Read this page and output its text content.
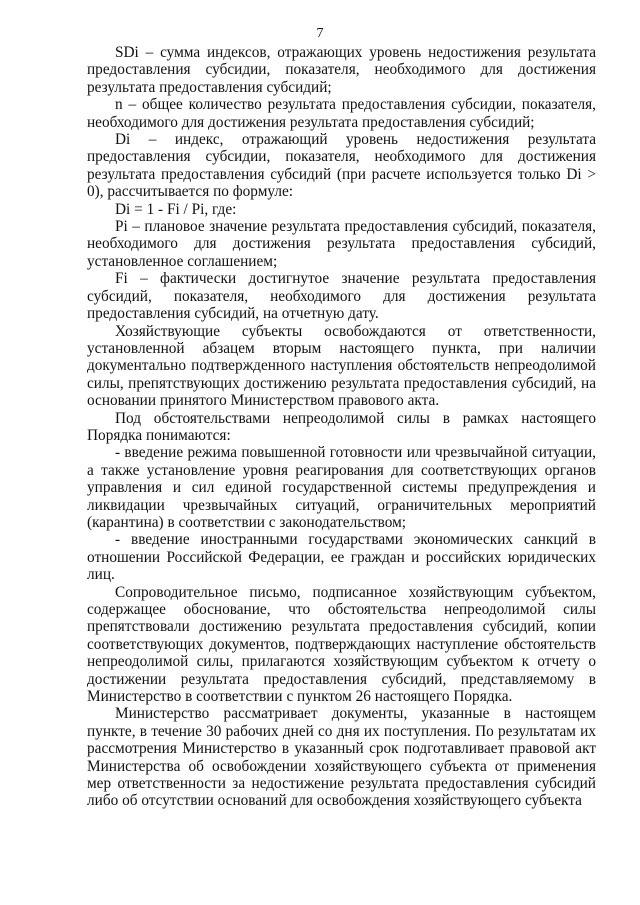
7

SDi – сумма индексов, отражающих уровень недостижения результата предоставления субсидии, показателя, необходимого для достижения результата предоставления субсидий;

n – общее количество результата предоставления субсидии, показателя, необходимого для достижения результата предоставления субсидий;

Di – индекс, отражающий уровень недостижения результата предоставления субсидии, показателя, необходимого для достижения результата предоставления субсидий (при расчете используется только Di > 0), рассчитывается по формуле:

Di = 1 - Fi / Pi, где:

Pi – плановое значение результата предоставления субсидий, показателя, необходимого для достижения результата предоставления субсидий, установленное соглашением;

Fi – фактически достигнутое значение результата предоставления субсидий, показателя, необходимого для достижения результата предоставления субсидий, на отчетную дату.

Хозяйствующие субъекты освобождаются от ответственности, установленной абзацем вторым настоящего пункта, при наличии документально подтвержденного наступления обстоятельств непреодолимой силы, препятствующих достижению результата предоставления субсидий, на основании принятого Министерством правового акта.

Под обстоятельствами непреодолимой силы в рамках настоящего Порядка понимаются:

- введение режима повышенной готовности или чрезвычайной ситуации, а также установление уровня реагирования для соответствующих органов управления и сил единой государственной системы предупреждения и ликвидации чрезвычайных ситуаций, ограничительных мероприятий (карантина) в соответствии с законодательством;

- введение иностранными государствами экономических санкций в отношении Российской Федерации, ее граждан и российских юридических лиц.

Сопроводительное письмо, подписанное хозяйствующим субъектом, содержащее обоснование, что обстоятельства непреодолимой силы препятствовали достижению результата предоставления субсидий, копии соответствующих документов, подтверждающих наступление обстоятельств непреодолимой силы, прилагаются хозяйствующим субъектом к отчету о достижении результата предоставления субсидий, представляемому в Министерство в соответствии с пунктом 26 настоящего Порядка.

Министерство рассматривает документы, указанные в настоящем пункте, в течение 30 рабочих дней со дня их поступления. По результатам их рассмотрения Министерство в указанный срок подготавливает правовой акт Министерства об освобождении хозяйствующего субъекта от применения мер ответственности за недостижение результата предоставления субсидий либо об отсутствии оснований для освобождения хозяйствующего субъекта
